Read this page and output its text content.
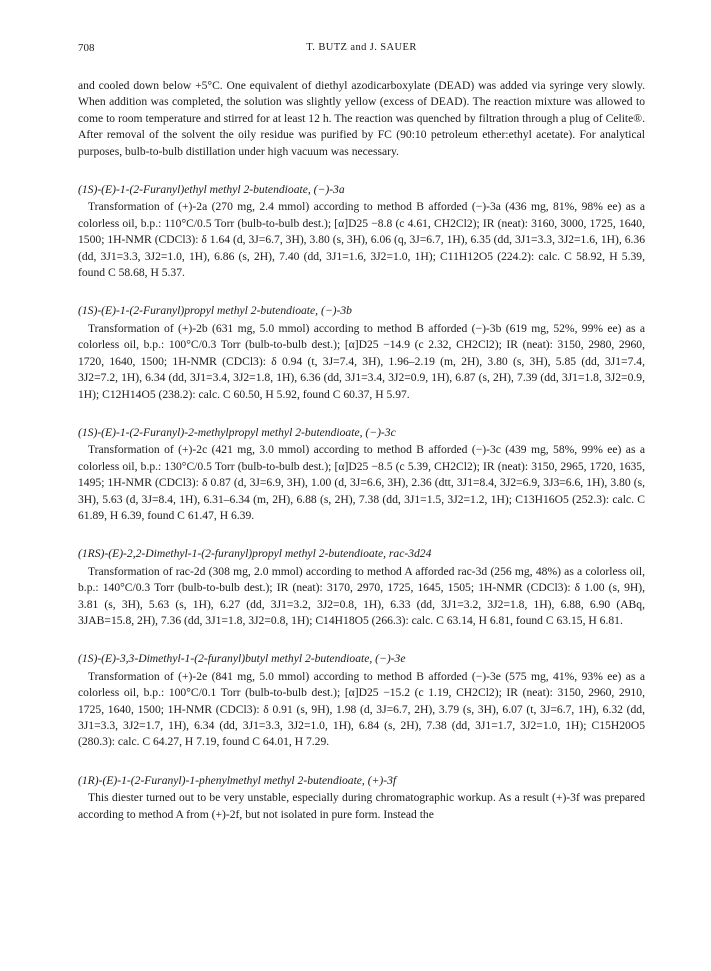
708	T. BUTZ and J. SAUER

and cooled down below +5°C. One equivalent of diethyl azodicarboxylate (DEAD) was added via syringe very slowly. When addition was completed, the solution was slightly yellow (excess of DEAD). The reaction mixture was allowed to come to room temperature and stirred for at least 12 h. The reaction was quenched by filtration through a plug of Celite®. After removal of the solvent the oily residue was purified by FC (90:10 petroleum ether:ethyl acetate). For analytical purposes, bulb-to-bulb distillation under high vacuum was necessary.

(1S)-(E)-1-(2-Furanyl)ethyl methyl 2-butendioate, (−)-3a

Transformation of (+)-2a (270 mg, 2.4 mmol) according to method B afforded (−)-3a (436 mg, 81%, 98% ee) as a colorless oil, b.p.: 110°C/0.5 Torr (bulb-to-bulb dest.); [α]D25 −8.8 (c 4.61, CH2Cl2); IR (neat): 3160, 3000, 1725, 1640, 1500; 1H-NMR (CDCl3): δ 1.64 (d, 3J=6.7, 3H), 3.80 (s, 3H), 6.06 (q, 3J=6.7, 1H), 6.35 (dd, 3J1=3.3, 3J2=1.6, 1H), 6.36 (dd, 3J1=3.3, 3J2=1.0, 1H), 6.86 (s, 2H), 7.40 (dd, 3J1=1.6, 3J2=1.0, 1H); C11H12O5 (224.2): calc. C 58.92, H 5.39, found C 58.68, H 5.37.

(1S)-(E)-1-(2-Furanyl)propyl methyl 2-butendioate, (−)-3b

Transformation of (+)-2b (631 mg, 5.0 mmol) according to method B afforded (−)-3b (619 mg, 52%, 99% ee) as a colorless oil, b.p.: 100°C/0.3 Torr (bulb-to-bulb dest.); [α]D25 −14.9 (c 2.32, CH2Cl2); IR (neat): 3150, 2980, 2960, 1720, 1640, 1500; 1H-NMR (CDCl3): δ 0.94 (t, 3J=7.4, 3H), 1.96–2.19 (m, 2H), 3.80 (s, 3H), 5.85 (dd, 3J1=7.4, 3J2=7.2, 1H), 6.34 (dd, 3J1=3.4, 3J2=1.8, 1H), 6.36 (dd, 3J1=3.4, 3J2=0.9, 1H), 6.87 (s, 2H), 7.39 (dd, 3J1=1.8, 3J2=0.9, 1H); C12H14O5 (238.2): calc. C 60.50, H 5.92, found C 60.37, H 5.97.

(1S)-(E)-1-(2-Furanyl)-2-methylpropyl methyl 2-butendioate, (−)-3c

Transformation of (+)-2c (421 mg, 3.0 mmol) according to method B afforded (−)-3c (439 mg, 58%, 99% ee) as a colorless oil, b.p.: 130°C/0.5 Torr (bulb-to-bulb dest.); [α]D25 −8.5 (c 5.39, CH2Cl2); IR (neat): 3150, 2965, 1720, 1635, 1495; 1H-NMR (CDCl3): δ 0.87 (d, 3J=6.9, 3H), 1.00 (d, 3J=6.6, 3H), 2.36 (dtt, 3J1=8.4, 3J2=6.9, 3J3=6.6, 1H), 3.80 (s, 3H), 5.63 (d, 3J=8.4, 1H), 6.31–6.34 (m, 2H), 6.88 (s, 2H), 7.38 (dd, 3J1=1.5, 3J2=1.2, 1H); C13H16O5 (252.3): calc. C 61.89, H 6.39, found C 61.47, H 6.39.

(1RS)-(E)-2,2-Dimethyl-1-(2-furanyl)propyl methyl 2-butendioate, rac-3d24

Transformation of rac-2d (308 mg, 2.0 mmol) according to method A afforded rac-3d (256 mg, 48%) as a colorless oil, b.p.: 140°C/0.3 Torr (bulb-to-bulb dest.); IR (neat): 3170, 2970, 1725, 1645, 1505; 1H-NMR (CDCl3): δ 1.00 (s, 9H), 3.81 (s, 3H), 5.63 (s, 1H), 6.27 (dd, 3J1=3.2, 3J2=0.8, 1H), 6.33 (dd, 3J1=3.2, 3J2=1.8, 1H), 6.88, 6.90 (ABq, 3JAB=15.8, 2H), 7.36 (dd, 3J1=1.8, 3J2=0.8, 1H); C14H18O5 (266.3): calc. C 63.14, H 6.81, found C 63.15, H 6.81.

(1S)-(E)-3,3-Dimethyl-1-(2-furanyl)butyl methyl 2-butendioate, (−)-3e

Transformation of (+)-2e (841 mg, 5.0 mmol) according to method B afforded (−)-3e (575 mg, 41%, 93% ee) as a colorless oil, b.p.: 100°C/0.1 Torr (bulb-to-bulb dest.); [α]D25 −15.2 (c 1.19, CH2Cl2); IR (neat): 3150, 2960, 2910, 1725, 1640, 1500; 1H-NMR (CDCl3): δ 0.91 (s, 9H), 1.98 (d, 3J=6.7, 2H), 3.79 (s, 3H), 6.07 (t, 3J=6.7, 1H), 6.32 (dd, 3J1=3.3, 3J2=1.7, 1H), 6.34 (dd, 3J1=3.3, 3J2=1.0, 1H), 6.84 (s, 2H), 7.38 (dd, 3J1=1.7, 3J2=1.0, 1H); C15H20O5 (280.3): calc. C 64.27, H 7.19, found C 64.01, H 7.29.

(1R)-(E)-1-(2-Furanyl)-1-phenylmethyl methyl 2-butendioate, (+)-3f

This diester turned out to be very unstable, especially during chromatographic workup. As a result (+)-3f was prepared according to method A from (+)-2f, but not isolated in pure form. Instead the
